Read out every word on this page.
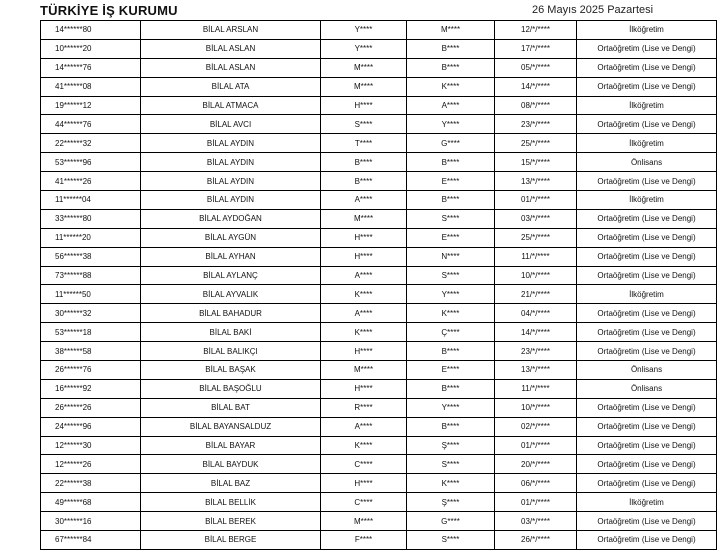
TÜRKİYE İŞ KURUMU	26 Mayıs 2025 Pazartesi
14******80	BİLAL ARSLAN	Y****	M****	12/*/****	İlköğretim
10******20	BİLAL ASLAN	Y****	B****	17/*/****	Ortaöğretim (Lise ve Dengi)
14******76	BİLAL ASLAN	M****	B****	05/*/****	Ortaöğretim (Lise ve Dengi)
41******08	BİLAL ATA	M****	K****	14/*/****	Ortaöğretim (Lise ve Dengi)
19******12	BİLAL ATMACA	H****	A****	08/*/****	İlköğretim
44******76	BİLAL AVCI	S****	Y****	23/*/****	Ortaöğretim (Lise ve Dengi)
22******32	BİLAL AYDIN	T****	G****	25/*/****	İlköğretim
53******96	BİLAL AYDIN	B****	B****	15/*/****	Önlisans
41******26	BİLAL AYDIN	B****	E****	13/*/****	Ortaöğretim (Lise ve Dengi)
11******04	BİLAL AYDIN	A****	B****	01/*/****	İlköğretim
33******80	BİLAL AYDOĞAN	M****	S****	03/*/****	Ortaöğretim (Lise ve Dengi)
11******20	BİLAL AYGÜN	H****	E****	25/*/****	Ortaöğretim (Lise ve Dengi)
56******38	BİLAL AYHAN	H****	N****	11/*/****	Ortaöğretim (Lise ve Dengi)
73******88	BİLAL AYLANÇ	A****	S****	10/*/****	Ortaöğretim (Lise ve Dengi)
11******50	BİLAL AYVALIK	K****	Y****	21/*/****	İlköğretim
30******32	BİLAL BAHADUR	A****	K****	04/*/****	Ortaöğretim (Lise ve Dengi)
53******18	BİLAL BAKİ	K****	Ç****	14/*/****	Ortaöğretim (Lise ve Dengi)
38******58	BİLAL BALIKÇI	H****	B****	23/*/****	Ortaöğretim (Lise ve Dengi)
26******76	BİLAL BAŞAK	M****	E****	13/*/****	Önlisans
16******92	BİLAL BAŞOĞLU	H****	B****	11/*/****	Önlisans
26******26	BİLAL BAT	R****	Y****	10/*/****	Ortaöğretim (Lise ve Dengi)
24******96	BİLAL BAYANSALDUZ	A****	B****	02/*/****	Ortaöğretim (Lise ve Dengi)
12******30	BİLAL BAYAR	K****	Ş****	01/*/****	Ortaöğretim (Lise ve Dengi)
12******26	BİLAL BAYDUK	C****	S****	20/*/****	Ortaöğretim (Lise ve Dengi)
22******38	BİLAL BAZ	H****	K****	06/*/****	Ortaöğretim (Lise ve Dengi)
49******68	BİLAL BELLİK	C****	Ş****	01/*/****	İlköğretim
30******16	BİLAL BEREK	M****	G****	03/*/****	Ortaöğretim (Lise ve Dengi)
67******84	BİLAL BERGE	F****	S****	26/*/****	Ortaöğretim (Lise ve Dengi)
